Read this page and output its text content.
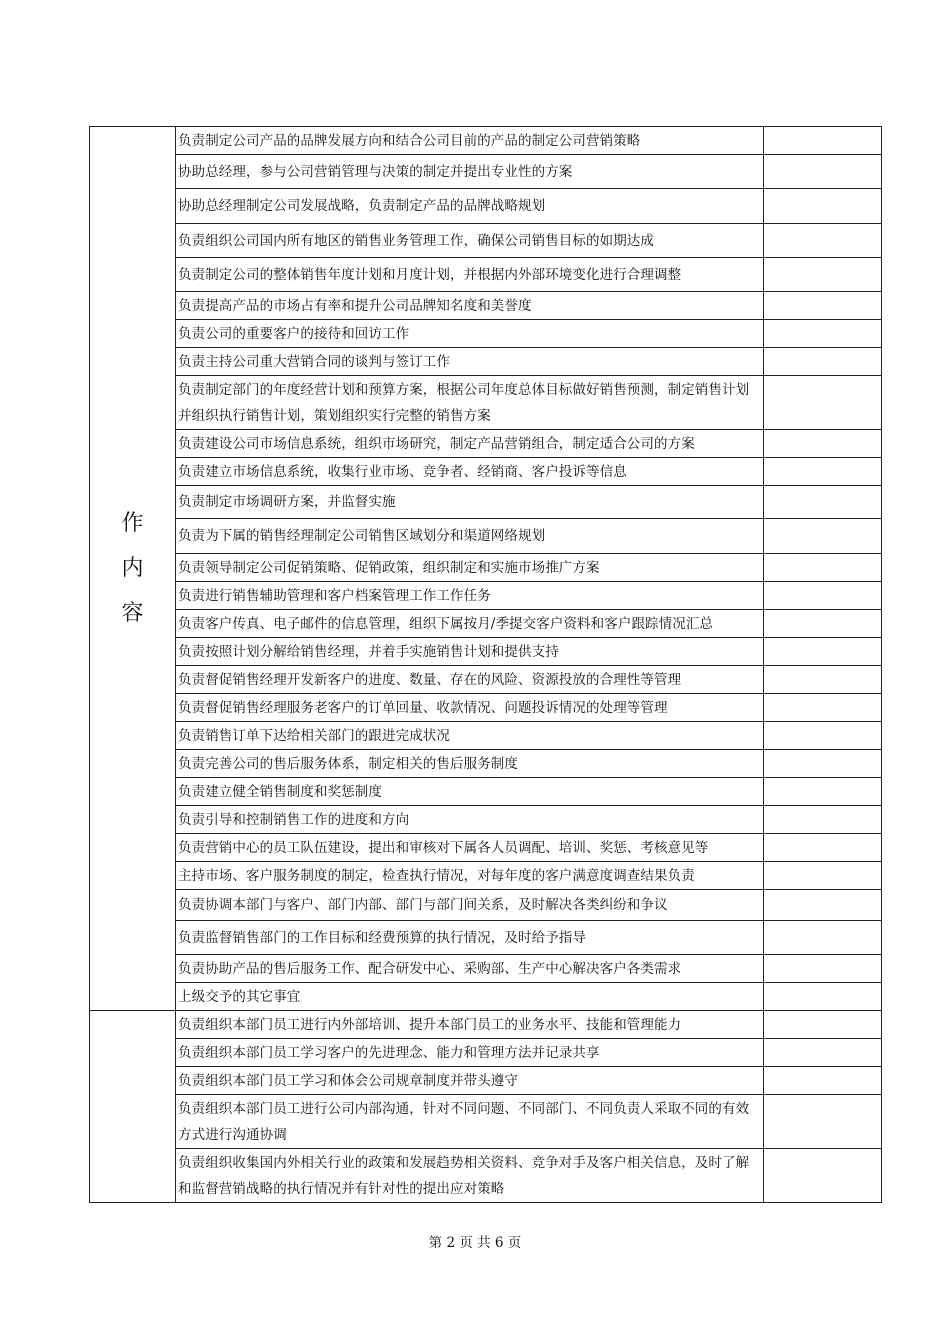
作
内
容	负责制定公司产品的品牌发展方向和结合公司目前的产品的制定公司营销策略	
	协助总经理，参与公司营销管理与决策的制定并提出专业性的方案	
	协助总经理制定公司发展战略，负责制定产品的品牌战略规划	
	负责组织公司国内所有地区的销售业务管理工作，确保公司销售目标的如期达成	
	负责制定公司的整体销售年度计划和月度计划，并根据内外部环境变化进行合理调整	
	负责提高产品的市场占有率和提升公司品牌知名度和美誉度	
	负责公司的重要客户的接待和回访工作	
	负责主持公司重大营销合同的谈判与签订工作	
	负责制定部门的年度经营计划和预算方案，根据公司年度总体目标做好销售预测，制定销售计划并组织执行销售计划，策划组织实行完整的销售方案	
	负责建设公司市场信息系统，组织市场研究，制定产品营销组合，制定适合公司的方案	
	负责建立市场信息系统，收集行业市场、竞争者、经销商、客户投诉等信息	
	负责制定市场调研方案，并监督实施	
	负责为下属的销售经理制定公司销售区域划分和渠道网络规划	
	负责领导制定公司促销策略、促销政策，组织制定和实施市场推广方案	
	负责进行销售辅助管理和客户档案管理工作工作任务	
	负责客户传真、电子邮件的信息管理，组织下属按月/季提交客户资料和客户跟踪情况汇总	
	负责按照计划分解给销售经理，并着手实施销售计划和提供支持	
	负责督促销售经理开发新客户的进度、数量、存在的风险、资源投放的合理性等管理	
	负责督促销售经理服务老客户的订单回量、收款情况、问题投诉情况的处理等管理	
	负责销售订单下达给相关部门的跟进完成状况	
	负责完善公司的售后服务体系，制定相关的售后服务制度	
	负责建立健全销售制度和奖惩制度	
	负责引导和控制销售工作的进度和方向	
	负责营销中心的员工队伍建设，提出和审核对下属各人员调配、培训、奖惩、考核意见等	
	主持市场、客户服务制度的制定，检查执行情况，对每年度的客户满意度调查结果负责	
	负责协调本部门与客户、部门内部、部门与部门间关系，及时解决各类纠纷和争议	
	负责监督销售部门的工作目标和经费预算的执行情况，及时给予指导	
	负责协助产品的售后服务工作、配合研发中心、采购部、生产中心解决客户各类需求	
	上级交予的其它事宜	
	负责组织本部门员工进行内外部培训、提升本部门员工的业务水平、技能和管理能力	
	负责组织本部门员工学习客户的先进理念、能力和管理方法并记录共享	
	负责组织本部门员工学习和体会公司规章制度并带头遵守	
	负责组织本部门员工进行公司内部沟通，针对不同问题、不同部门、不同负责人采取不同的有效方式进行沟通协调	
	负责组织收集国内外相关行业的政策和发展趋势相关资料、竞争对手及客户相关信息，及时了解和监督营销战略的执行情况并有针对性的提出应对策略	
第 2 页 共 6 页
